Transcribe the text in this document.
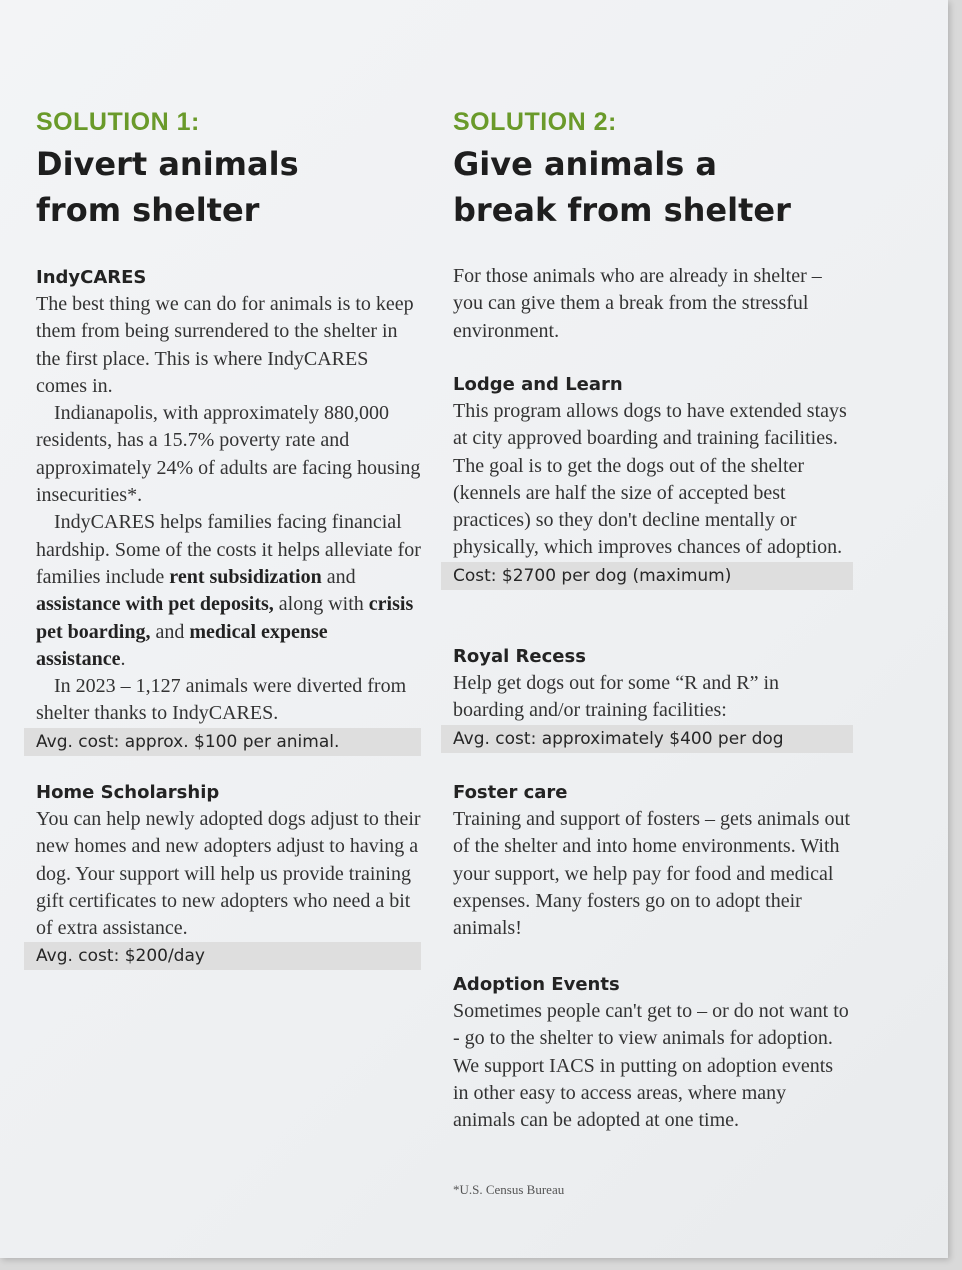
SOLUTION 1:

Divert animals
from shelter
IndyCARES

The best thing we can do for animals is to keep them from being surrendered to the shelter in the first place. This is where IndyCARES comes in.

Indianapolis, with approximately 880,000 residents, has a 15.7% poverty rate and approximately 24% of adults are facing housing insecurities*.

IndyCARES helps families facing financial hardship. Some of the costs it helps alleviate for families include rent subsidization and assistance with pet deposits, along with crisis pet boarding, and medical expense assistance.

In 2023 – 1,127 animals were diverted from shelter thanks to IndyCARES.

Avg. cost: approx. $100 per animal.

Home Scholarship

You can help newly adopted dogs adjust to their new homes and new adopters adjust to having a dog. Your support will help us provide training gift certificates to new adopters who need a bit of extra assistance.

Avg. cost: $200/day

SOLUTION 2:

Give animals a
break from shelter

For those animals who are already in shelter – you can give them a break from the stressful environment.

Lodge and Learn

This program allows dogs to have extended stays at city approved boarding and training facilities. The goal is to get the dogs out of the shelter (kennels are half the size of accepted best practices) so they don't decline mentally or physically, which improves chances of adoption.

Cost: $2700 per dog (maximum)

Royal Recess

Help get dogs out for some “R and R” in boarding and/or training facilities:

Avg. cost: approximately $400 per dog

Foster care

Training and support of fosters – gets animals out of the shelter and into home environments. With your support, we help pay for food and medical expenses. Many fosters go on to adopt their animals!

Adoption Events

Sometimes people can't get to – or do not want to - go to the shelter to view animals for adoption. We support IACS in putting on adoption events in other easy to access areas, where many animals can be adopted at one time.

*U.S. Census Bureau
